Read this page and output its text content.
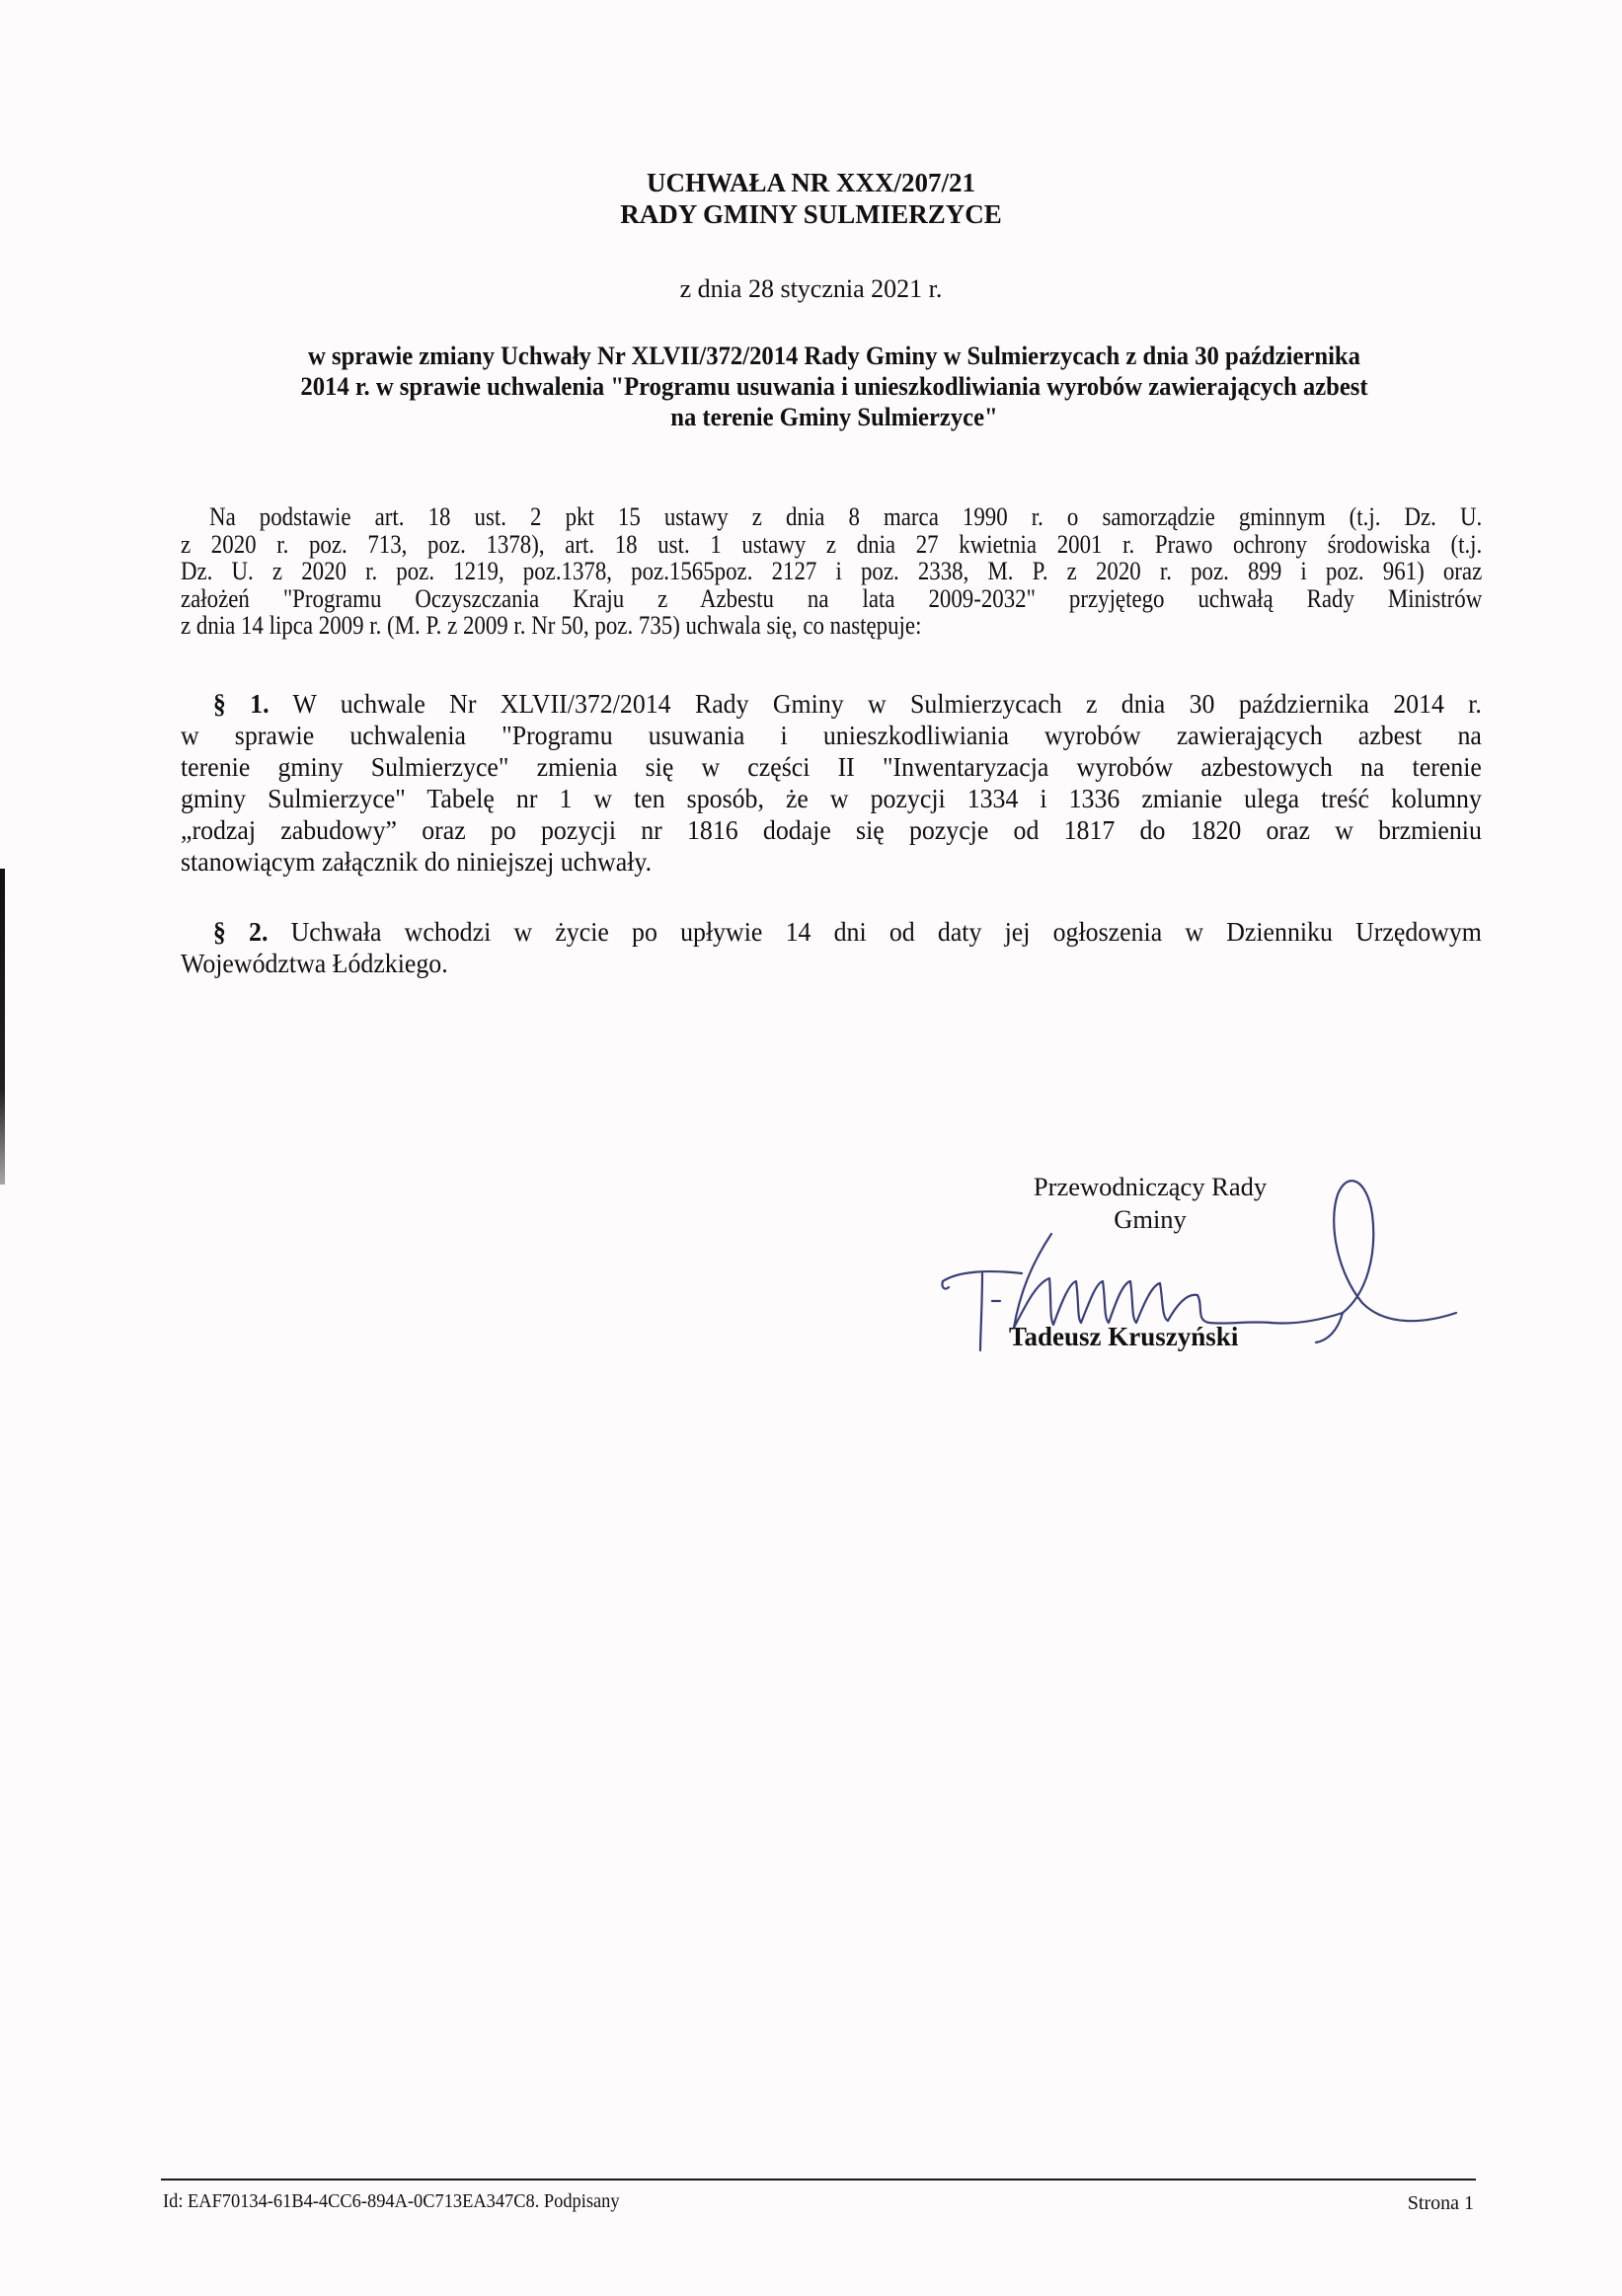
UCHWAŁA NR XXX/207/21
RADY GMINY SULMIERZYCE
z dnia 28 stycznia 2021 r.
w sprawie zmiany Uchwały Nr XLVII/372/2014 Rady Gminy w Sulmierzycach z dnia 30 października
2014 r. w sprawie uchwalenia "Programu usuwania i unieszkodliwiania wyrobów zawierających azbest
na terenie Gminy Sulmierzyce"
Na podstawie art. 18 ust. 2 pkt 15 ustawy z dnia 8 marca 1990 r. o samorządzie gminnym (t.j. Dz. U.
z 2020 r. poz. 713, poz. 1378), art. 18 ust. 1 ustawy z dnia 27 kwietnia 2001 r. Prawo ochrony środowiska (t.j.
Dz. U. z 2020 r. poz. 1219, poz.1378, poz.1565poz. 2127 i poz. 2338, M. P. z 2020 r. poz. 899 i poz. 961) oraz
założeń "Programu Oczyszczania Kraju z Azbestu na lata 2009-2032" przyjętego uchwałą Rady Ministrów
z dnia 14 lipca 2009 r. (M. P. z 2009 r. Nr 50, poz. 735) uchwala się, co następuje:
§ 1. W uchwale Nr XLVII/372/2014 Rady Gminy w Sulmierzycach z dnia 30 października 2014 r.
w sprawie uchwalenia "Programu usuwania i unieszkodliwiania wyrobów zawierających azbest na
terenie gminy Sulmierzyce" zmienia się w części II "Inwentaryzacja wyrobów azbestowych na terenie
gminy Sulmierzyce" Tabelę nr 1 w ten sposób, że w pozycji 1334 i 1336 zmianie ulega treść kolumny
„rodzaj zabudowy” oraz po pozycji nr 1816 dodaje się pozycje od 1817 do 1820 oraz w brzmieniu
stanowiącym załącznik do niniejszej uchwały.
§ 2. Uchwała wchodzi w życie po upływie 14 dni od daty jej ogłoszenia w Dzienniku Urzędowym
Województwa Łódzkiego.
Przewodniczący Rady
Gminy
Tadeusz Kruszyński
Id: EAF70134-61B4-4CC6-894A-0C713EA347C8. Podpisany	Strona 1
